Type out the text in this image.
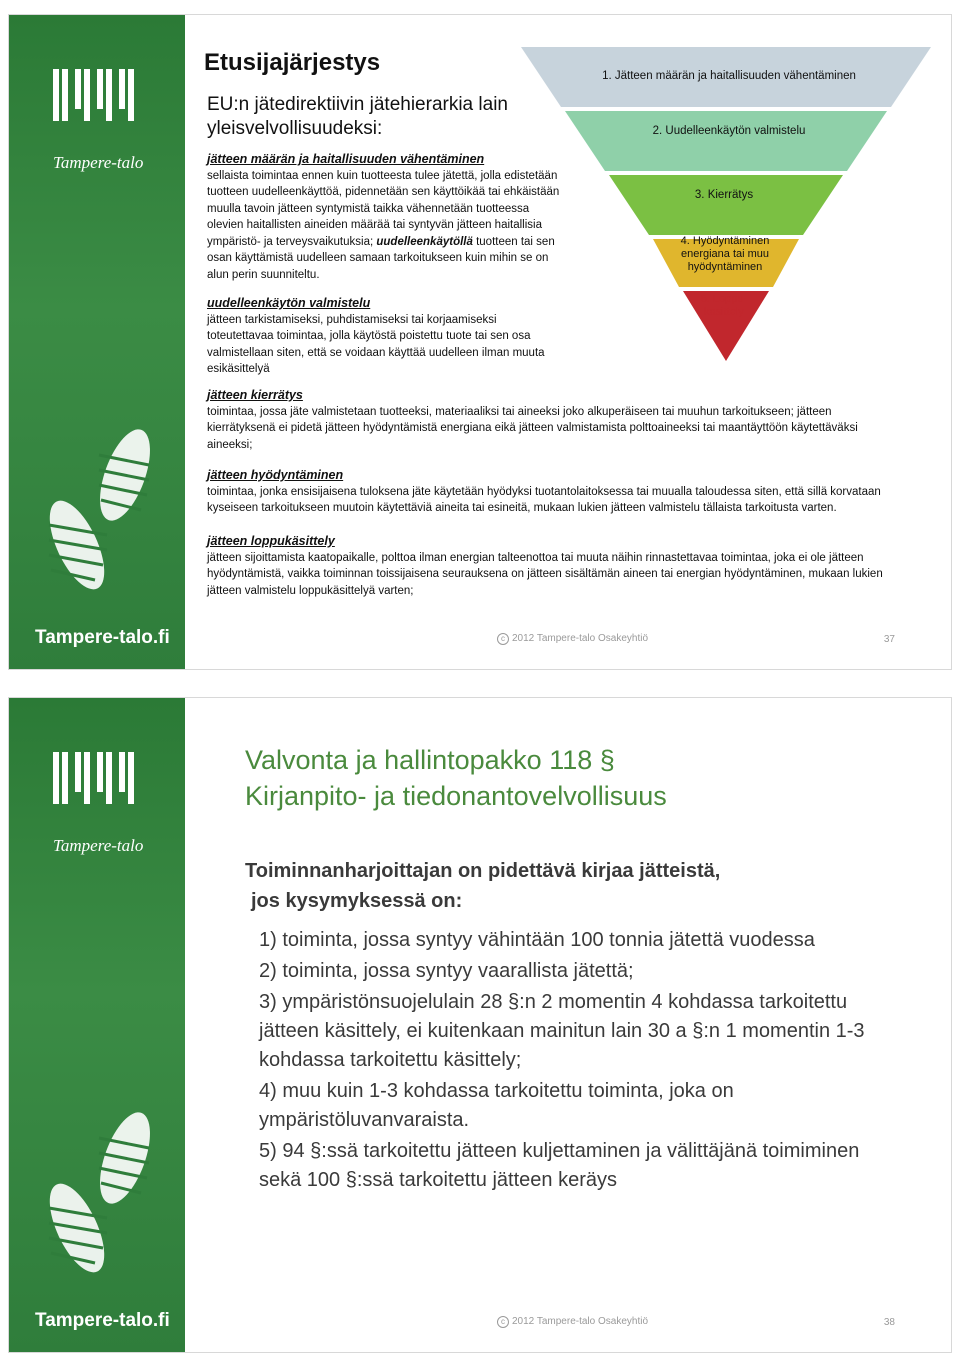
Tampere-talo
Tampere-talo.fi
Etusijajärjestys
EU:n jätedirektiivin jätehierarkia lain yleisvelvollisuudeksi:
jätteen määrän ja haitallisuuden vähentäminen
sellaista toimintaa ennen kuin tuotteesta tulee jätettä, jolla edistetään
tuotteen uudelleenkäyttöä, pidennetään sen käyttöikää tai ehkäistään
muulla tavoin jätteen syntymistä taikka vähennetään tuotteessa
olevien haitallisten aineiden määrää tai syntyvän jätteen haitallisia
ympäristö- ja terveysvaikutuksia; uudelleenkäytöllä tuotteen tai sen
osan käyttämistä uudelleen samaan tarkoitukseen kuin mihin se on
alun perin suunniteltu.
uudelleenkäytön valmistelu
jätteen tarkistamiseksi, puhdistamiseksi tai korjaamiseksi
toteutettavaa toimintaa, jolla käytöstä poistettu tuote tai sen osa
valmistellaan siten, että se voidaan käyttää uudelleen ilman muuta
esikäsittelyä
jätteen kierrätys
toimintaa, jossa jäte valmistetaan tuotteeksi, materiaaliksi tai aineeksi joko alkuperäiseen tai muuhun tarkoitukseen; jätteen
kierrätyksenä ei pidetä jätteen hyödyntämistä energiana eikä jätteen valmistamista polttoaineeksi tai maantäyttöön käytettäväksi
aineeksi;
jätteen hyödyntäminen
toimintaa, jonka ensisijaisena tuloksena jäte käytetään hyödyksi tuotantolaitoksessa tai muualla taloudessa siten, että sillä korvataan
kyseiseen tarkoitukseen muutoin käytettäviä aineita tai esineitä, mukaan lukien jätteen valmistelu tällaista tarkoitusta varten.
jätteen loppukäsittely
jätteen sijoittamista kaatopaikalle, polttoa ilman energian talteenottoa tai muuta näihin rinnastettavaa toimintaa, joka ei ole jätteen
hyödyntämistä, vaikka toiminnan toissijaisena seurauksena on jätteen sisältämän aineen tai energian hyödyntäminen, mukaan lukien
jätteen valmistelu loppukäsittelyä varten;
1. Jätteen määrän ja haitallisuuden vähentäminen
2. Uudelleenkäytön valmistelu
3. Kierrätys
4. Hyödyntäminen energiana tai muu hyödyntäminen
5. Loppu-käsittely
c 2012 Tampere-talo Osakeyhtiö	37
Tampere-talo
Tampere-talo.fi
Valvonta ja hallintopakko 118 §
Kirjanpito- ja tiedonantovelvollisuus
Toiminnanharjoittajan on pidettävä kirjaa jätteistä,
jos kysymyksessä on:

1) toiminta, jossa syntyy vähintään 100 tonnia jätettä vuodessa

2) toiminta, jossa syntyy vaarallista jätettä;

3) ympäristönsuojelulain 28 §:n 2 momentin 4 kohdassa tarkoitettu jätteen käsittely, ei kuitenkaan mainitun lain 30 a §:n 1 momentin 1-3 kohdassa tarkoitettu käsittely;

4) muu kuin 1-3 kohdassa tarkoitettu toiminta, joka on ympäristöluvanvaraista.

5) 94 §:ssä tarkoitettu jätteen kuljettaminen ja välittäjänä toimiminen sekä 100 §:ssä tarkoitettu jätteen keräys

c 2012 Tampere-talo Osakeyhtiö	38
